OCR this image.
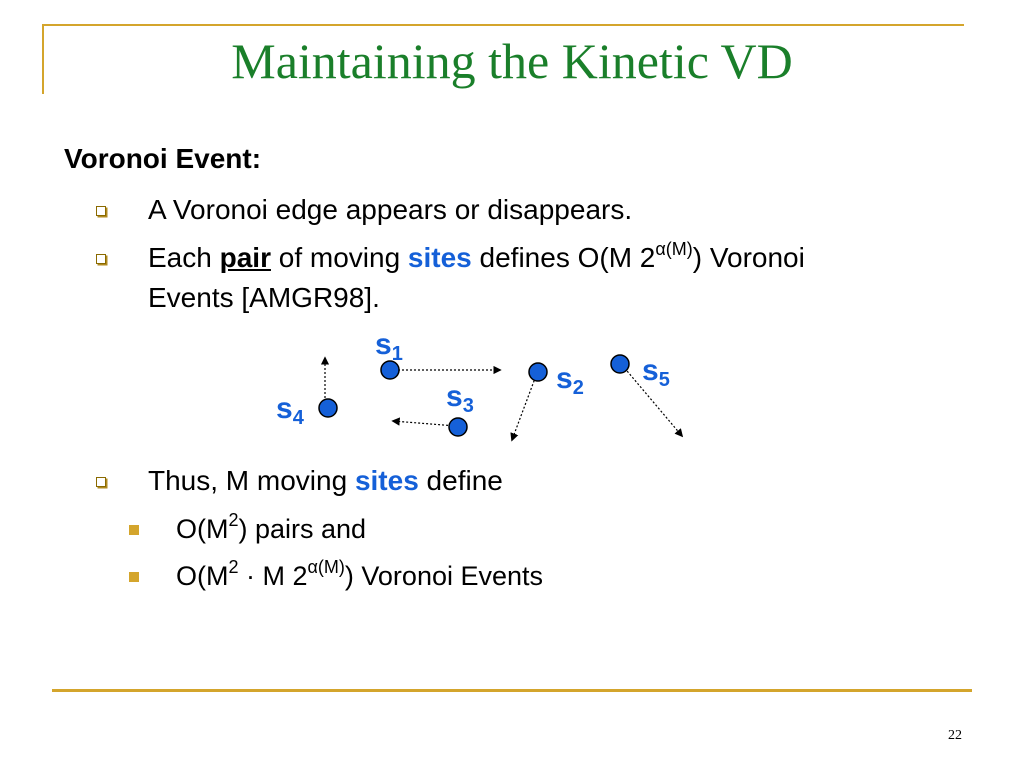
Maintaining the Kinetic VD
Voronoi Event:
A Voronoi edge appears or disappears.
Each pair of moving sites defines O(M $2^{\alpha(M)}$) Voronoi
Events [AMGR98].
$s_1$
$s_2$
$s_3$
$s_4$
$s_5$
Thus, M moving sites define
$O(M^2)$ pairs and
$O(M^2 \cdot M$ $2^{\alpha(M)}$) Voronoi Events
22
